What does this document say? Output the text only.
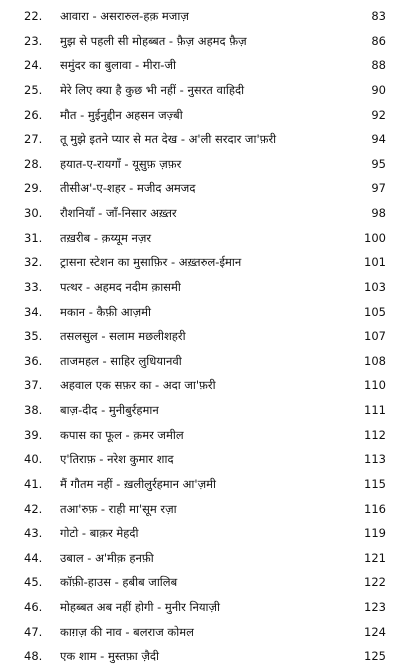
22.	आवारा - असरारुल-हक़ मजाज़	83
23.	मुझ से पहली सी मोहब्बत - फ़ैज़ अहमद फ़ैज़	86
24.	समुंदर का बुलावा - मीरा-जी	88
25.	मेरे लिए क्या है कुछ भी नहीं - नुसरत वाहिदी	90
26.	मौत - मुईनुद्दीन अहसन जज़्बी	92
27.	तू मुझे इतने प्यार से मत देख - अ'ली सरदार जा'फ़री	94
28.	हयात-ए-रायगाँ - यूसुफ़ ज़फ़र	95
29.	तीसीअ'-ए-शहर - मजीद अमजद	97
30.	रौशनियाँ - जाँ-निसार अख़्तर	98
31.	तख़रीब - क़य्यूम नज़र	100
32.	ट्रासना स्टेशन का मुसाफ़िर - अख़्तरुल-ईमान	101
33.	पत्थर - अहमद नदीम क़ासमी	103
34.	मकान - कैफ़ी आज़मी	105
35.	तसलसुल - सलाम मछलीशहरी	107
36.	ताजमहल - साहिर लुधियानवी	108
37.	अहवाल एक सफ़र का - अदा जा'फ़री	110
38.	बाज़-दीद - मुनीबुर्रहमान	111
39.	कपास का फूल - क़मर जमील	112
40.	ए'तिराफ़ - नरेश कुमार शाद	113
41.	मैं गौतम नहीं - ख़लीलुर्रहमान आ'ज़मी	115
42.	तआ'रुफ़ - राही मा'सूम रज़ा	116
43.	गोटो - बाक़र मेहदी	119
44.	उबाल - अ'मीक़ हनफ़ी	121
45.	कॉफ़ी-हाउस - हबीब जालिब	122
46.	मोहब्बत अब नहीं होगी - मुनीर नियाज़ी	123
47.	काग़ज़ की नाव - बलराज कोमल	124
48.	एक शाम - मुस्तफ़ा ज़ैदी	125
